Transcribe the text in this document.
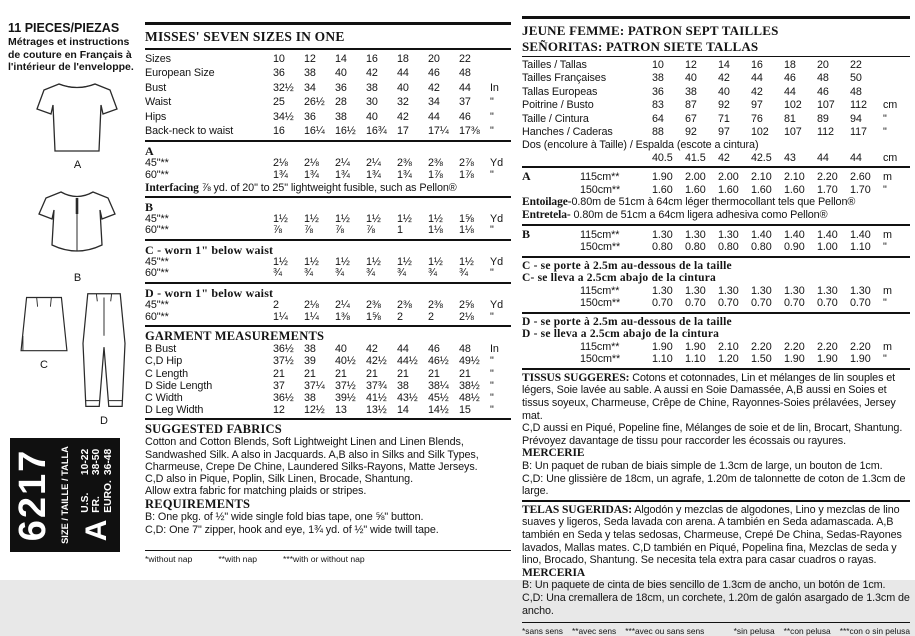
11 PIECES/PIEZAS
Métrages et instructions de couture en Français à l'intérieur de l'enveloppe.
A
B
C
D
6217 SIZE / TAILLE / TALLA A
U.S.
10-22
FR.
38-50
EURO.
36-48
MISSES' SEVEN SIZES IN ONE
Sizes	10	12	14	16	18	20	22
European Size	36	38	40	42	44	46	48
Bust	32½ 34	36	38	40	42	44	In
Waist	25	26½ 28	30	32	34	37	"
Hips	34½ 36	38	40	42	44	46	"
Back-neck to waist	16	16¼ 16½ 16¾ 17	17¼ 17⅜ "
A
45"**	2⅛	2⅛	2¼	2¼	2⅜	2⅜	2⅞	Yd
60"**	1¾	1¾	1¾	1¾	1¾	1⅞	1⅞	"
Interfacing ⅞ yd. of 20" to 25" lightweight fusible, such as Pellon®
B
45"**	1½	1½	1½	1½	1½	1½	1⅝	Yd
60"**	⅞	⅞	⅞	⅞	1	1⅛	1⅛	"
C - worn 1" below waist
45"**	1½	1½	1½	1½	1½	1½	1½	Yd
60"**	¾	¾	¾	¾	¾	¾	¾	"
D - worn 1" below waist
45"**	2	2⅛	2¼	2⅜	2⅜	2⅜	2⅝	Yd
60"**	1¼	1¼	1⅜	1⅝	2	2	2⅛	"
GARMENT MEASUREMENTS
B Bust	36½ 38	40	42	44	46	48	In
C,D Hip	37½ 39	40½ 42½ 44½ 46½ 49½ "
C Length	21	21	21	21	21	21	21	"
D Side Length	37	37¼ 37½ 37¾ 38	38¼ 38½ "
C Width	36½ 38	39½ 41½ 43½ 45½ 48½ "
D Leg Width	12	12½ 13	13½ 14	14½ 15	"
SUGGESTED FABRICS

Cotton and Cotton Blends, Soft Lightweight Linen and Linen Blends, Sandwashed Silk. A also in Jacquards. A,B also in Silks and Silk Types, Charmeuse, Crepe De Chine, Laundered Silks-Rayons, Matte Jerseys.

C,D also in Pique, Poplin, Silk Linen, Brocade, Shantung.

Allow extra fabric for matching plaids or stripes.

REQUIREMENTS

B: One pkg. of ½" wide single fold bias tape, one ⅝" button.

C,D: One 7" zipper, hook and eye, 1¾ yd. of ½" wide twill tape.

*without nap	**with nap	***with or without nap
JEUNE FEMME: PATRON SEPT TAILLES
SEÑORITAS: PATRON SIETE TALLAS
Tailles / Tallas	10	12	14	16	18	20	22
Tailles Françaises	38	40	42	44	46	48	50
Tallas Europeas	36	38	40	42	44	46	48
Poitrine / Busto	83	87	92	97	102	107	112	cm
Taille / Cintura	64	67	71	76	81	89	94	"
Hanches / Caderas	88	92	97	102	107	112	117	"
Dos (encolure à Taille) / Espalda (escote a cintura)
40.5	41.5	42	42.5	43	44	44	cm
A	115cm**	1.90	2.00	2.00	2.10	2.10	2.20	2.60	m
150cm**	1.60	1.60	1.60	1.60	1.60	1.70	1.70	"

Entoilage-0.80m de 51cm à 64cm léger thermocollant tels que Pellon®

Entretela- 0.80m de 51cm a 64cm ligera adhesiva como Pellon®

B	115cm**	1.30	1.30	1.30	1.40	1.40	1.40	1.40	m
150cm**	0.80	0.80	0.80	0.80	0.90	1.00	1.10	"
C - se porte à 2.5m au-dessous de la taille
C- se lleva a 2.5cm abajo de la cintura
115cm**	1.30	1.30	1.30	1.30	1.30	1.30	1.30	m
150cm**	0.70	0.70	0.70	0.70	0.70	0.70	0.70	"
D - se porte à 2.5m au-dessous de la taille
D - se lleva a 2.5cm abajo de la cintura
115cm**	1.90	1.90	2.10	2.20	2.20	2.20	2.20	m
150cm**	1.10	1.10	1.20	1.50	1.90	1.90	1.90	"

TISSUS SUGGERES: Cotons et cotonnades, Lin et mélanges de lin souples et légers, Soie lavée au sable. A aussi en Soie Damassée, A,B aussi en Soies et tissus soyeux, Charmeuse, Crêpe de Chine, Rayonnes-Soies prélavées, Jersey mat.

C,D aussi en Piqué, Popeline fine, Mélanges de soie et de lin, Brocart, Shantung.

Prévoyez davantage de tissu pour raccorder les écossais ou rayures.

MERCERIE

B: Un paquet de ruban de biais simple de 1.3cm de large, un bouton de 1cm.

C,D: Une glissière de 18cm, un agrafe, 1.20m de talonnette de coton de 1.3cm de large.

TELAS SUGERIDAS: Algodón y mezclas de algodones, Lino y mezclas de lino suaves y ligeros, Seda lavada con arena. A también en Seda adamascada. A,B también en Seda y telas sedosas, Charmeuse, Crepé De China, Sedas-Rayones lavados, Mallas mates. C,D también en Piqué, Popelina fina, Mezclas de seda y lino, Brocado, Shantung. Se necesita tela extra para casar cuadros o rayas.

MERCERIA

B: Un paquete de cinta de bies sencillo de 1.3cm de ancho, un botón de 1cm.

C,D: Una cremallera de 18cm, un corchete, 1.20m de galón asargado de 1.3cm de ancho.

*sans sens **avec sens ***avec ou sans sens	*sin pelusa **con pelusa ***con o sin pelusa
